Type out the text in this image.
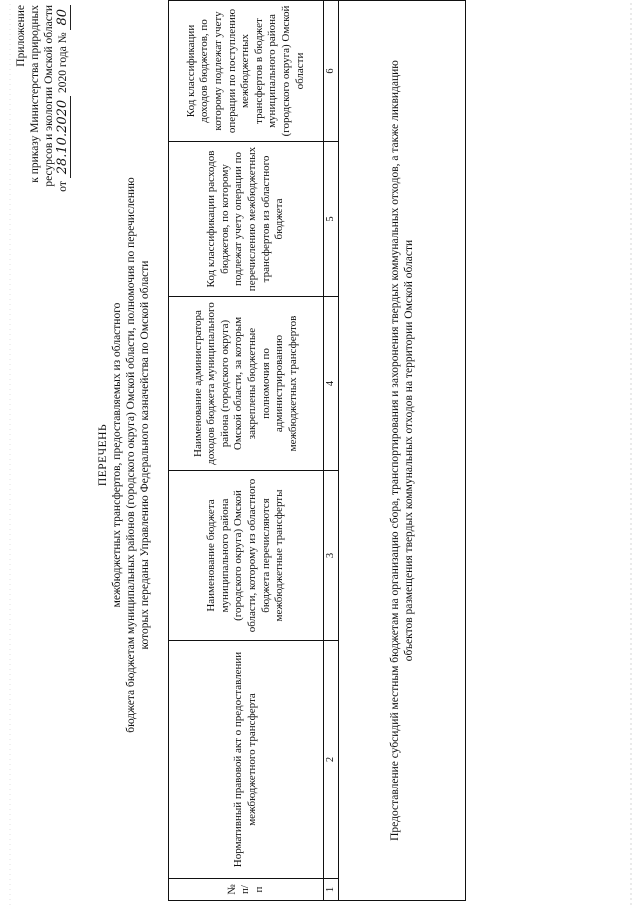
Приложение к приказу Министерства природных ресурсов и экологии Омской области от 28.10.2020 2020 года № 80
ПЕРЕЧЕНЬ межбюджетных трансфертов, предоставляемых из областного бюджета бюджетам муниципальных районов (городского округа) Омской области, полномочия по перечислению которых переданы Управлению Федерального казначейства по Омской области
№ п/п	Нормативный правовой акт о предоставлении межбюджетного трансферта	Наименование бюджета муниципального района (городского округа) Омской области, которому из областного бюджета перечисляются межбюджетные трансферты	Наименование администратора доходов бюджета муниципального района (городского округа) Омской области, за которым закреплены бюджетные полномочия по администрированию межбюджетных трансфертов	Код классификации расходов бюджетов, по которому подлежат учету операции по перечислению межбюджетных трансфертов из областного бюджета	Код классификации доходов бюджетов, по которому подлежат учету операции по поступлению межбюджетных трансфертов в бюджет муниципального района (городского округа) Омской области
1	2	3	4	5	6
Предоставление субсидий местным бюджетам на организацию сбора, транспортирования и захоронения твердых коммунальных отходов, а также ликвидацию объектов размещения твердых коммунальных отходов на территории Омской области					
